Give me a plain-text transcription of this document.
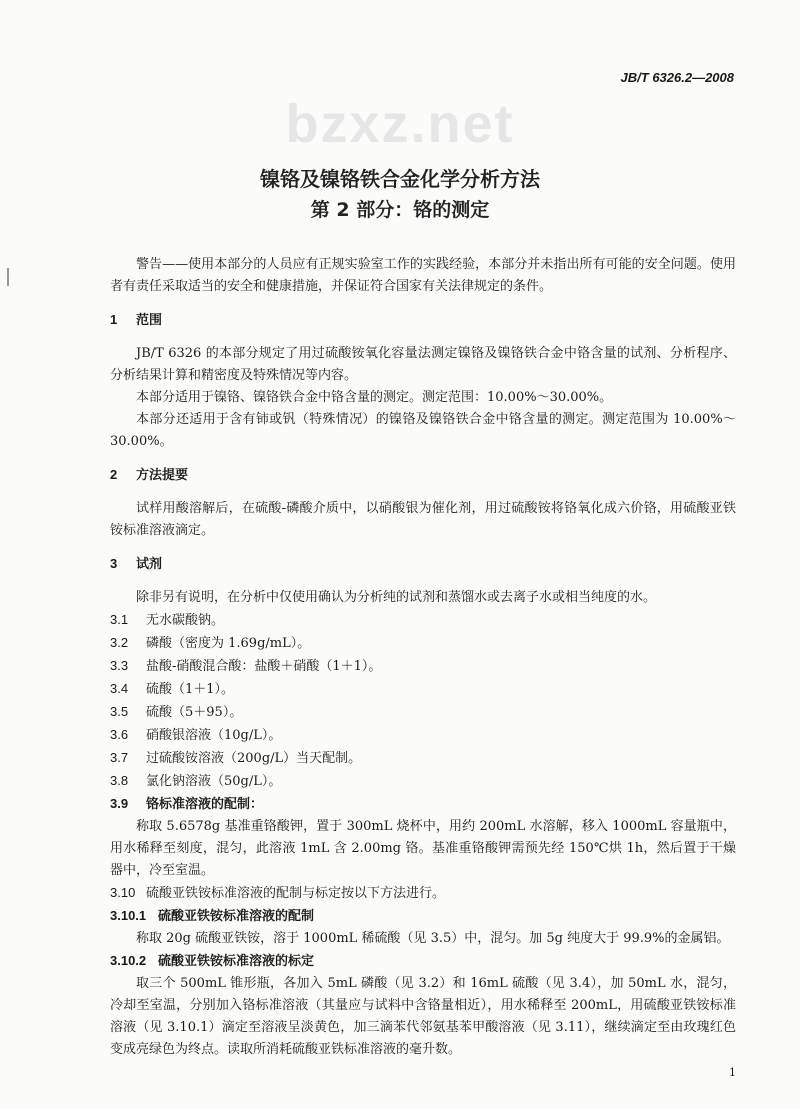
JB/T 6326.2—2008
bzxz.net
镍铬及镍铬铁合金化学分析方法
第 2 部分：铬的测定
警告——使用本部分的人员应有正规实验室工作的实践经验，本部分并未指出所有可能的安全问题。使用者有责任采取适当的安全和健康措施，并保证符合国家有关法律规定的条件。
1 范围
JB/T 6326 的本部分规定了用过硫酸铵氧化容量法测定镍铬及镍铬铁合金中铬含量的试剂、分析程序、分析结果计算和精密度及特殊情况等内容。
本部分适用于镍铬、镍铬铁合金中铬含量的测定。测定范围：10.00%～30.00%。
本部分还适用于含有铈或钒（特殊情况）的镍铬及镍铬铁合金中铬含量的测定。测定范围为 10.00%～30.00%。
2 方法提要
试样用酸溶解后，在硫酸-磷酸介质中，以硝酸银为催化剂，用过硫酸铵将铬氧化成六价铬，用硫酸亚铁铵标准溶液滴定。
3 试剂
除非另有说明，在分析中仅使用确认为分析纯的试剂和蒸馏水或去离子水或相当纯度的水。
3.1 无水碳酸钠。
3.2 磷酸（密度为 1.69g/mL）。
3.3 盐酸-硝酸混合酸：盐酸＋硝酸（1＋1）。
3.4 硫酸（1＋1）。
3.5 硫酸（5＋95）。
3.6 硝酸银溶液（10g/L）。
3.7 过硫酸铵溶液（200g/L）当天配制。
3.8 氯化钠溶液（50g/L）。
3.9 铬标准溶液的配制：
称取 5.6578g 基准重铬酸钾，置于 300mL 烧杯中，用约 200mL 水溶解，移入 1000mL 容量瓶中，用水稀释至刻度，混匀，此溶液 1mL 含 2.00mg 铬。基准重铬酸钾需预先经 150℃烘 1h，然后置于干燥器中，冷至室温。
3.10 硫酸亚铁铵标准溶液的配制与标定按以下方法进行。
3.10.1 硫酸亚铁铵标准溶液的配制
称取 20g 硫酸亚铁铵，溶于 1000mL 稀硫酸（见 3.5）中，混匀。加 5g 纯度大于 99.9%的金属铝。
3.10.2 硫酸亚铁铵标准溶液的标定
取三个 500mL 锥形瓶，各加入 5mL 磷酸（见 3.2）和 16mL 硫酸（见 3.4），加 50mL 水，混匀，冷却至室温，分别加入铬标准溶液（其量应与试料中含铬量相近），用水稀释至 200mL，用硫酸亚铁铵标准溶液（见 3.10.1）滴定至溶液呈淡黄色，加三滴苯代邻氨基苯甲酸溶液（见 3.11），继续滴定至由玫瑰红色变成亮绿色为终点。读取所消耗硫酸亚铁标准溶液的毫升数。
1
